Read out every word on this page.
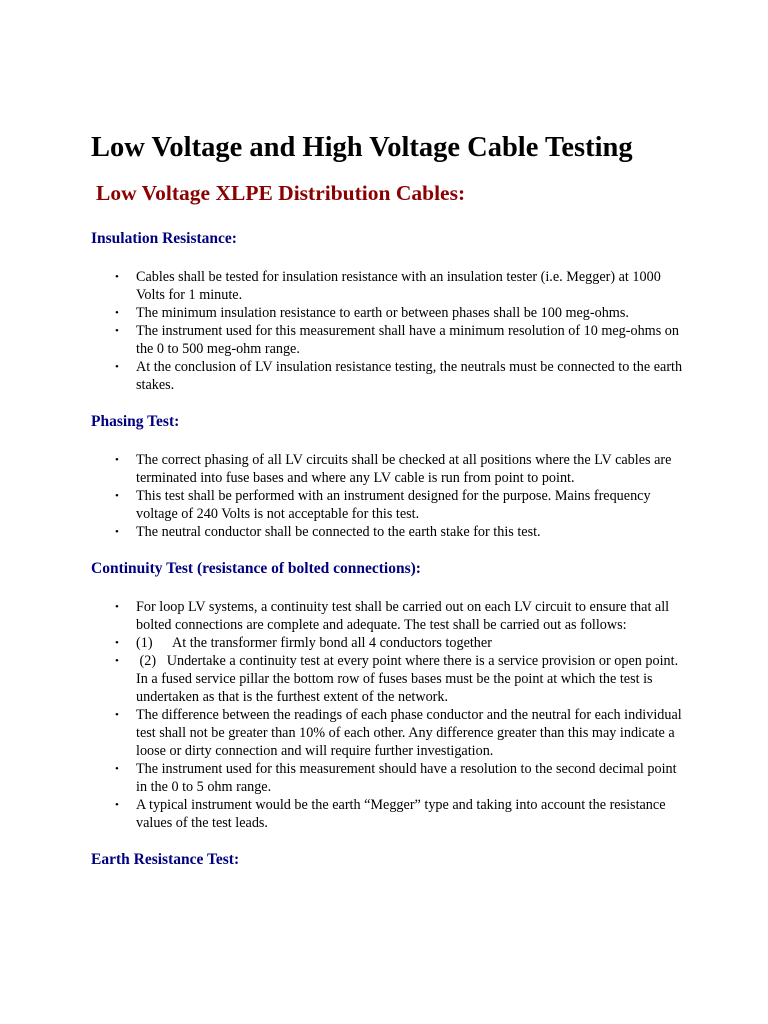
Low Voltage and High Voltage Cable Testing
Low Voltage XLPE Distribution Cables:
Insulation Resistance:
• Cables shall be tested for insulation resistance with an insulation tester (i.e. Megger) at 1000 Volts for 1 minute.
• The minimum insulation resistance to earth or between phases shall be 100 meg-ohms.
• The instrument used for this measurement shall have a minimum resolution of 10 meg-ohms on the 0 to 500 meg-ohm range.
• At the conclusion of LV insulation resistance testing, the neutrals must be connected to the earth stakes.
Phasing Test:
• The correct phasing of all LV circuits shall be checked at all positions where the LV cables are terminated into fuse bases and where any LV cable is run from point to point.
• This test shall be performed with an instrument designed for the purpose. Mains frequency voltage of 240 Volts is not acceptable for this test.
• The neutral conductor shall be connected to the earth stake for this test.
Continuity Test (resistance of bolted connections):
• For loop LV systems, a continuity test shall be carried out on each LV circuit to ensure that all bolted connections are complete and adequate. The test shall be carried out as follows:
• (1) At the transformer firmly bond all 4 conductors together
• (2) Undertake a continuity test at every point where there is a service provision or open point. In a fused service pillar the bottom row of fuses bases must be the point at which the test is undertaken as that is the furthest extent of the network.
• The difference between the readings of each phase conductor and the neutral for each individual test shall not be greater than 10% of each other. Any difference greater than this may indicate a loose or dirty connection and will require further investigation.
• The instrument used for this measurement should have a resolution to the second decimal point in the 0 to 5 ohm range.
• A typical instrument would be the earth “Megger” type and taking into account the resistance values of the test leads.
Earth Resistance Test:
